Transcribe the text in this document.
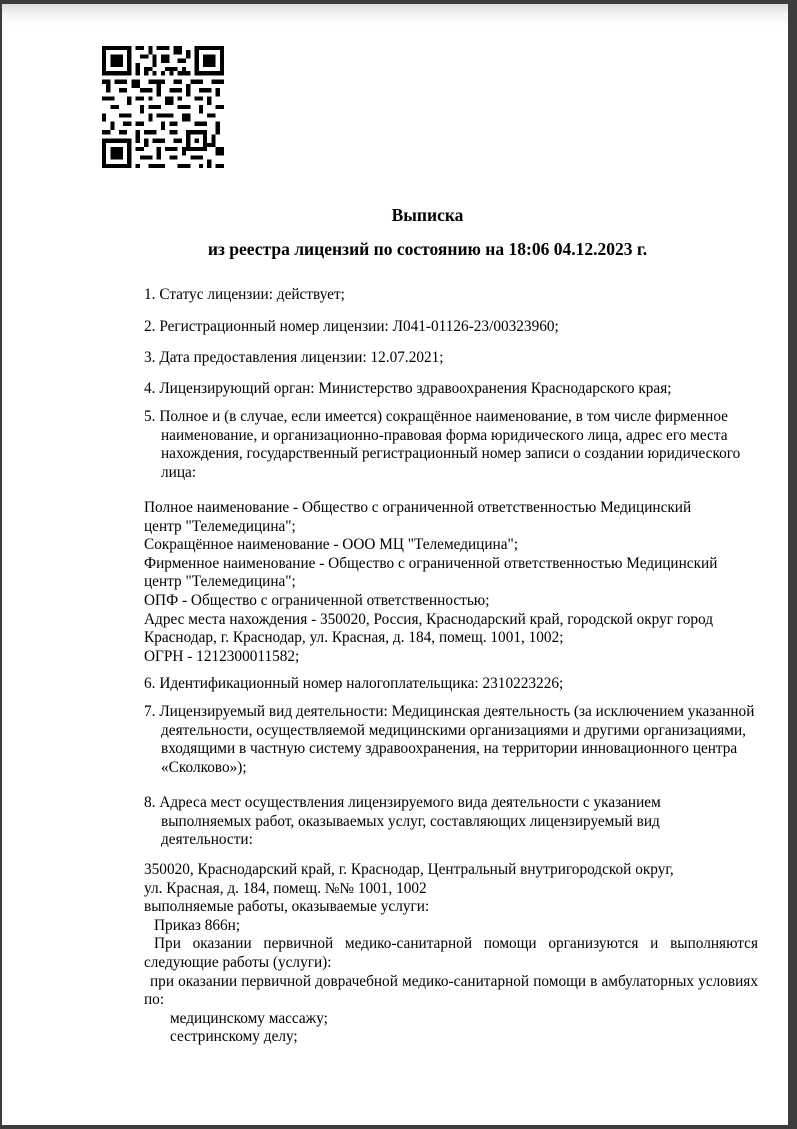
Выписка
из реестра лицензий по состоянию на 18:06 04.12.2023 г.

1. Статус лицензии: действует;

2. Регистрационный номер лицензии: Л041-01126-23/00323960;

3. Дата предоставления лицензии: 12.07.2021;

4. Лицензирующий орган: Министерство здравоохранения Краснодарского края;

5. Полное и (в случае, если имеется) сокращённое наименование, в том числе фирменное наименование, и организационно-правовая форма юридического лица, адрес его места нахождения, государственный регистрационный номер записи о создании юридического лица:

Полное наименование - Общество с ограниченной ответственностью Медицинский

центр "Телемедицина";

Сокращённое наименование - ООО МЦ "Телемедицина";

Фирменное наименование - Общество с ограниченной ответственностью Медицинский

центр "Телемедицина";

ОПФ - Общество с ограниченной ответственностью;

Адрес места нахождения - 350020, Россия, Краснодарский край, городской округ город

Краснодар, г. Краснодар, ул. Красная, д. 184, помещ. 1001, 1002;

ОГРН - 1212300011582;

6. Идентификационный номер налогоплательщика: 2310223226;

7. Лицензируемый вид деятельности: Медицинская деятельность (за исключением указанной деятельности, осуществляемой медицинскими организациями и другими организациями, входящими в частную систему здравоохранения, на территории инновационного центра «Сколково»);

8. Адреса мест осуществления лицензируемого вида деятельности с указанием выполняемых работ, оказываемых услуг, составляющих лицензируемый вид деятельности:

350020, Краснодарский край, г. Краснодар, Центральный внутригородской округ,

ул. Красная, д. 184, помещ. №№ 1001, 1002

выполняемые работы, оказываемые услуги:

Приказ 866н;

При оказании первичной медико-санитарной помощи организуются и выполняются следующие работы (услуги):

при оказании первичной доврачебной медико-санитарной помощи в амбулаторных условиях по:

медицинскому массажу;

сестринскому делу;
